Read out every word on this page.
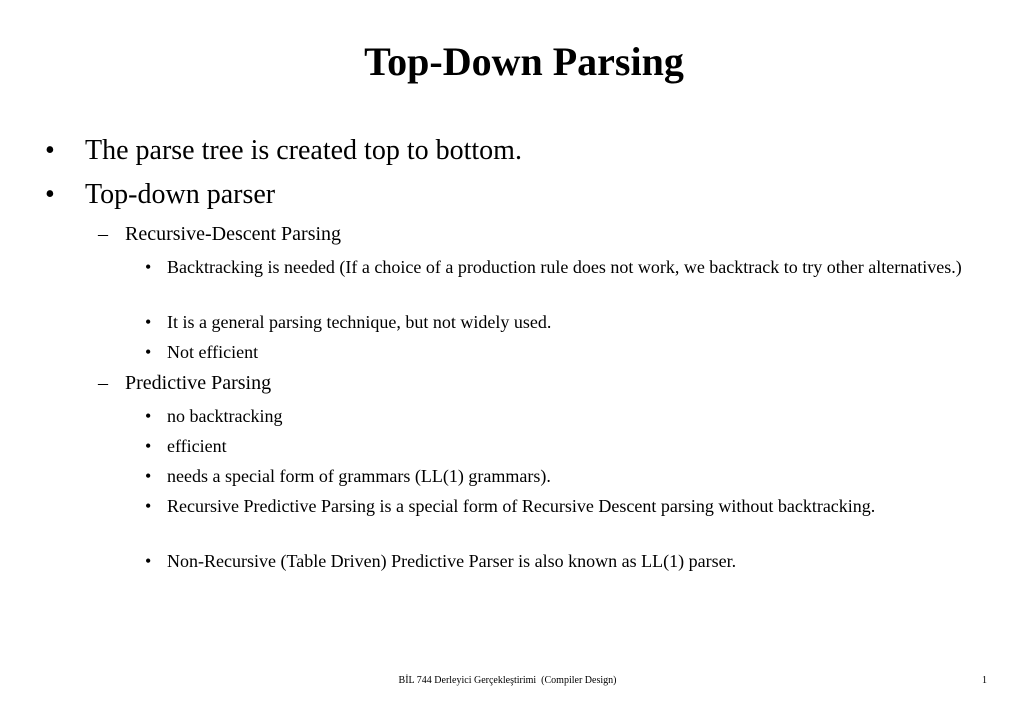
Top-Down Parsing
• The parse tree is created top to bottom.
• Top-down parser
– Recursive-Descent Parsing
• Backtracking is needed (If a choice of a production rule does not work, we backtrack to try other alternatives.)
• It is a general parsing technique, but not widely used.
• Not efficient
– Predictive Parsing
• no backtracking
• efficient
• needs a special form of grammars (LL(1) grammars).
• Recursive Predictive Parsing is a special form of Recursive Descent parsing without backtracking.
• Non-Recursive (Table Driven) Predictive Parser is also known as LL(1) parser.
BİL 744 Derleyici Gerçekleştirimi  (Compiler Design)	1
